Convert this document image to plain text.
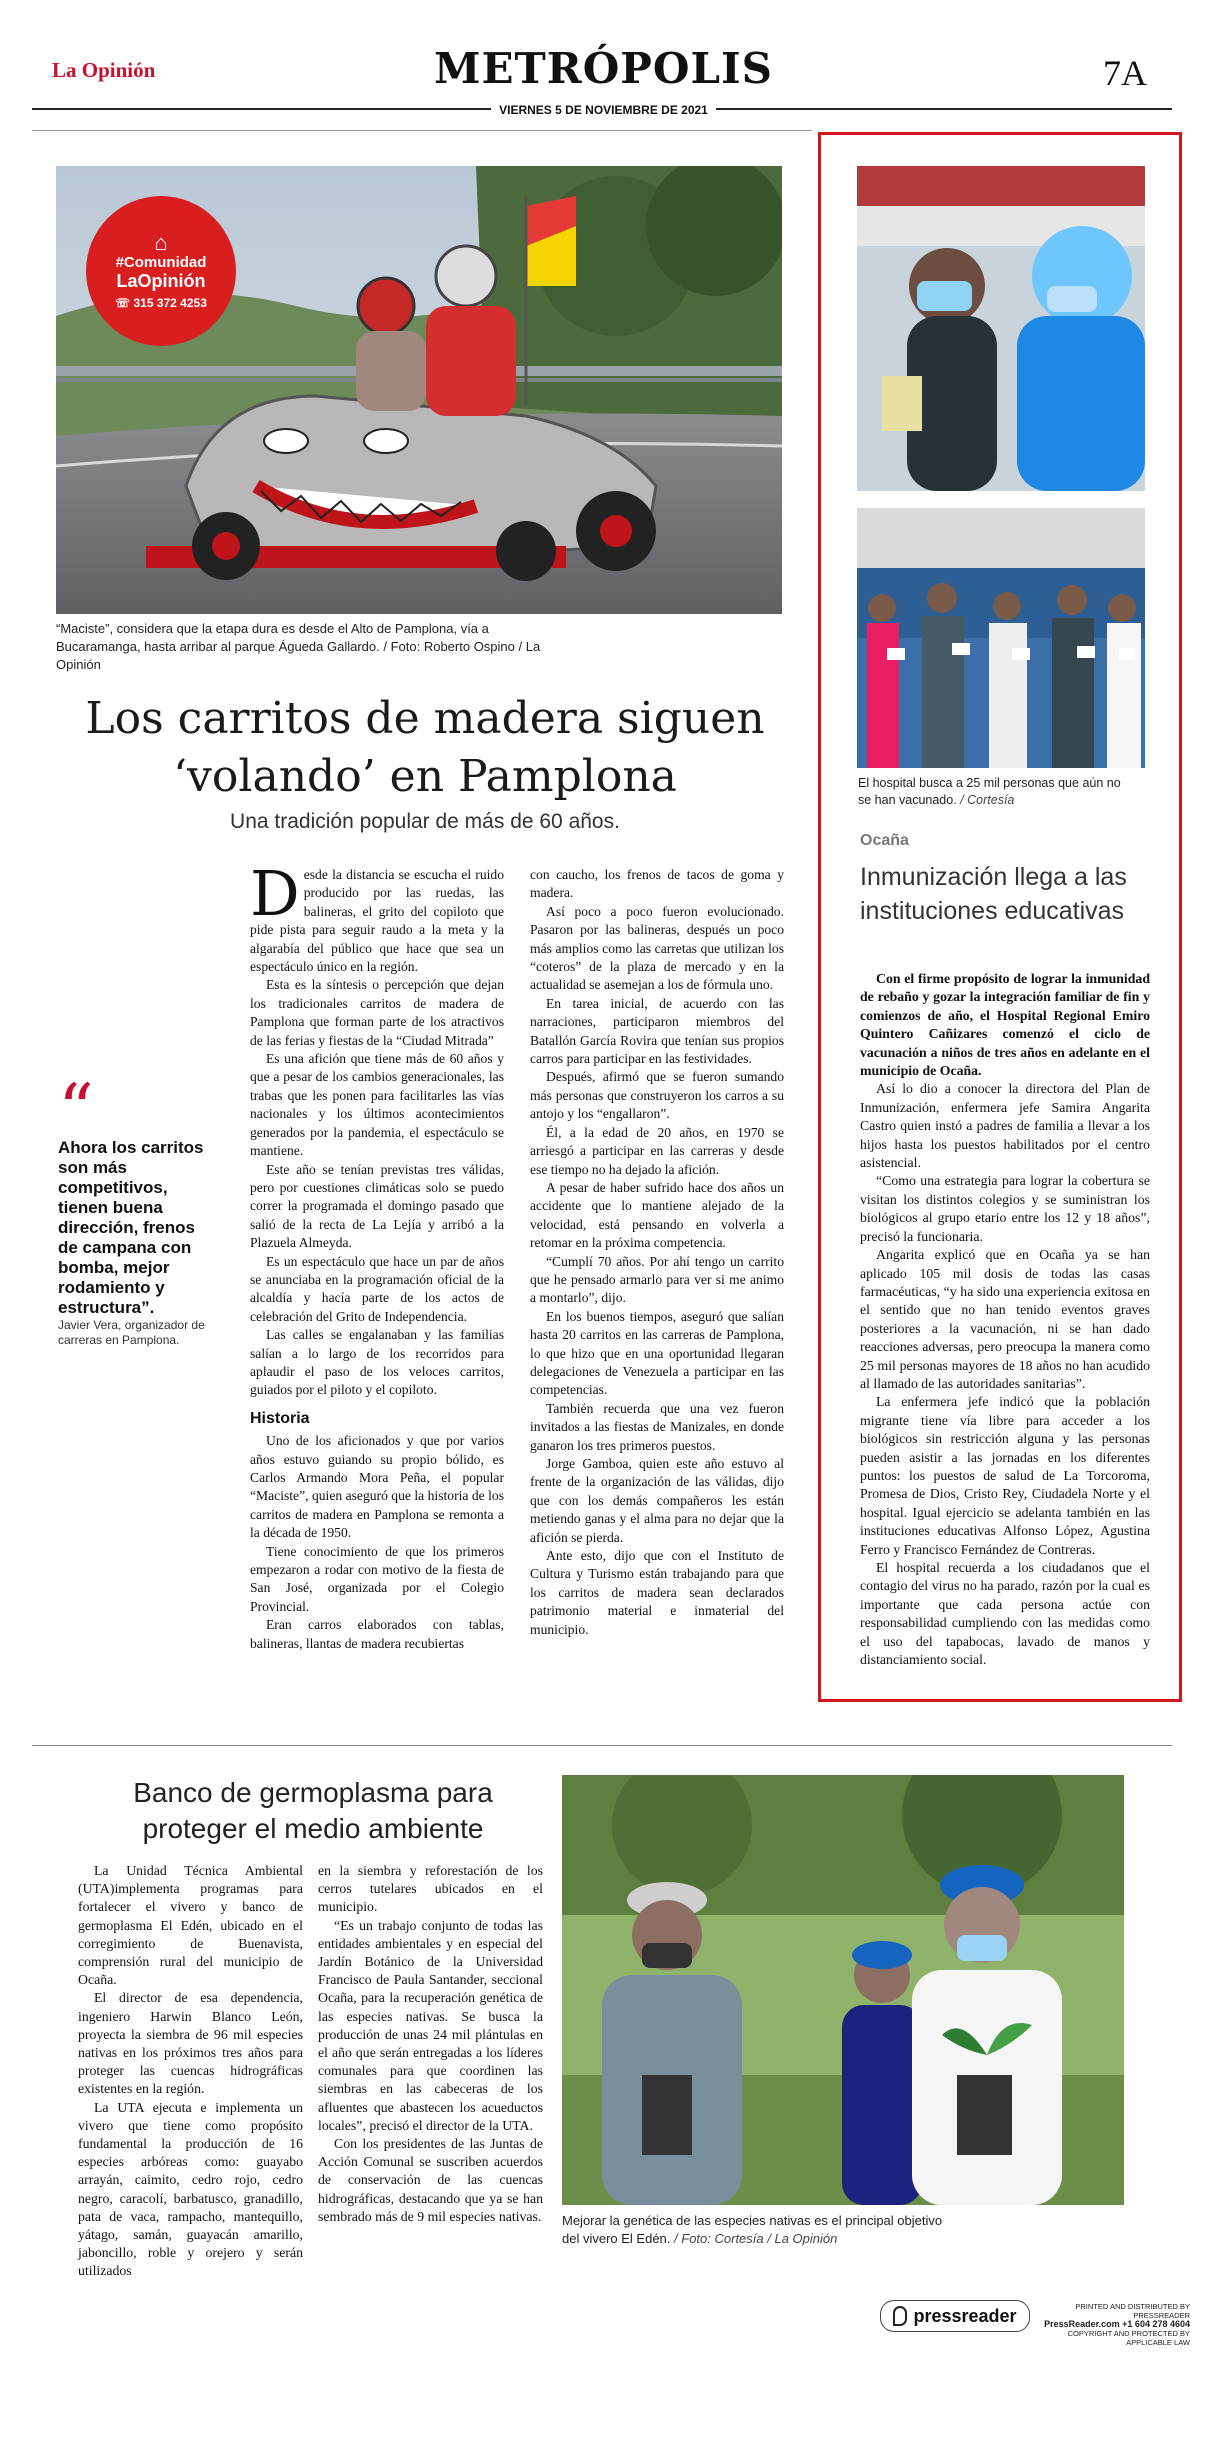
La Opinión	METRÓPOLIS	7A
VIERNES 5 DE NOVIEMBRE DE 2021
⌂
#Comunidad
LaOpinión
☏ 315 372 4253
“Maciste”, considera que la etapa dura es desde el Alto de Pamplona, vía a Bucaramanga, hasta arribar al parque Águeda Gallardo. / Foto: Roberto Ospino / La Opinión
Los carritos de madera siguen ‘volando’ en Pamplona
Una tradición popular de más de 60 años.
“
Ahora los carritos son más competitivos, tienen buena dirección, frenos de campana con bomba, mejor rodamiento y estructura”.
Javier Vera, organizador de carreras en Pamplona.

Desde la distancia se escucha el ruido producido por las ruedas, las balineras, el grito del copiloto que pide pista para seguir raudo a la meta y la algarabía del público que hace que sea un espectáculo único en la región.

Esta es la síntesis o percepción que dejan los tradicionales carritos de madera de Pamplona que forman parte de los atractivos de las ferias y fiestas de la “Ciudad Mitrada”

Es una afición que tiene más de 60 años y que a pesar de los cambios generacionales, las trabas que les ponen para facilitarles las vías nacionales y los últimos acontecimientos generados por la pandemia, el espectáculo se mantiene.

Este año se tenían previstas tres válidas, pero por cuestiones climáticas solo se puedo correr la programada el domingo pasado que salió de la recta de La Lejía y arribó a la Plazuela Almeyda.

Es un espectáculo que hace un par de años se anunciaba en la programación oficial de la alcaldía y hacía parte de los actos de celebración del Grito de Independencia.

Las calles se engalanaban y las familias salían a lo largo de los recorridos para aplaudir el paso de los veloces carritos, guiados por el piloto y el copiloto.

Historia

Uno de los aficionados y que por varios años estuvo guiando su propio bólido, es Carlos Armando Mora Peña, el popular “Maciste”, quien aseguró que la historia de los carritos de madera en Pamplona se remonta a la década de 1950.

Tiene conocimiento de que los primeros empezaron a rodar con motivo de la fiesta de San José, organizada por el Colegio Provincial.

Eran carros elaborados con tablas, balineras, llantas de madera recubiertas

con caucho, los frenos de tacos de goma y madera.

Así poco a poco fueron evolucionado. Pasaron por las balineras, después un poco más amplios como las carretas que utilizan los “coteros” de la plaza de mercado y en la actualidad se asemejan a los de fórmula uno.

En tarea inicial, de acuerdo con las narraciones, participaron miembros del Batallón García Rovira que tenían sus propios carros para participar en las festividades.

Después, afirmó que se fueron sumando más personas que construyeron los carros a su antojo y los “engallaron”.

Él, a la edad de 20 años, en 1970 se arriesgó a participar en las carreras y desde ese tiempo no ha dejado la afición.

A pesar de haber sufrido hace dos años un accidente que lo mantiene alejado de la velocidad, está pensando en volverla a retomar en la próxima competencia.

“Cumplí 70 años. Por ahí tengo un carrito que he pensado armarlo para ver si me animo a montarlo”, dijo.

En los buenos tiempos, aseguró que salían hasta 20 carritos en las carreras de Pamplona, lo que hizo que en una oportunidad llegaran delegaciones de Venezuela a participar en las competencias.

También recuerda que una vez fueron invitados a las fiestas de Manizales, en donde ganaron los tres primeros puestos.

Jorge Gamboa, quien este año estuvo al frente de la organización de las válidas, dijo que con los demás compañeros les están metiendo ganas y el alma para no dejar que la afición se pierda.

Ante esto, dijo que con el Instituto de Cultura y Turismo están trabajando para que los carritos de madera sean declarados patrimonio material e inmaterial del municipio.

El hospital busca a 25 mil personas que aún no se han vacunado. / Cortesía
Ocaña
Inmunización llega a las instituciones educativas

Con el firme propósito de lograr la inmunidad de rebaño y gozar la integración familiar de fin y comienzos de año, el Hospital Regional Emiro Quintero Cañizares comenzó el ciclo de vacunación a niños de tres años en adelante en el municipio de Ocaña.

Así lo dio a conocer la directora del Plan de Inmunización, enfermera jefe Samira Angarita Castro quien instó a padres de familia a llevar a los hijos hasta los puestos habilitados por el centro asistencial.

“Como una estrategia para lograr la cobertura se visitan los distintos colegios y se suministran los biológicos al grupo etario entre los 12 y 18 años”, precisó la funcionaria.

Angarita explicó que en Ocaña ya se han aplicado 105 mil dosis de todas las casas farmacéuticas, “y ha sido una experiencia exitosa en el sentido que no han tenido eventos graves posteriores a la vacunación, ni se han dado reacciones adversas, pero preocupa la manera como 25 mil personas mayores de 18 años no han acudido al llamado de las autoridades sanitarias”.

La enfermera jefe indicó que la población migrante tiene vía libre para acceder a los biológicos sin restricción alguna y las personas pueden asistir a las jornadas en los diferentes puntos: los puestos de salud de La Torcoroma, Promesa de Dios, Cristo Rey, Ciudadela Norte y el hospital. Igual ejercicio se adelanta también en las instituciones educativas Alfonso López, Agustina Ferro y Francisco Fernández de Contreras.

El hospital recuerda a los ciudadanos que el contagio del virus no ha parado, razón por la cual es importante que cada persona actúe con responsabilidad cumpliendo con las medidas como el uso del tapabocas, lavado de manos y distanciamiento social.

Banco de germoplasma para proteger el medio ambiente

La Unidad Técnica Ambiental (UTA)implementa programas para fortalecer el vivero y banco de germoplasma El Edén, ubicado en el corregimiento de Buenavista, comprensión rural del municipio de Ocaña.

El director de esa dependencia, ingeniero Harwin Blanco León, proyecta la siembra de 96 mil especies nativas en los próximos tres años para proteger las cuencas hidrográficas existentes en la región.

La UTA ejecuta e implementa un vivero que tiene como propósito fundamental la producción de 16 especies arbóreas como: guayabo arrayán, caimito, cedro rojo, cedro negro, caracolí, barbatusco, granadillo, pata de vaca, rampacho, mantequillo, yátago, samán, guayacán amarillo, jaboncillo, roble y orejero y serán utilizados

en la siembra y reforestación de los cerros tutelares ubicados en el municipio.

“Es un trabajo conjunto de todas las entidades ambientales y en especial del Jardín Botánico de la Universidad Francisco de Paula Santander, seccional Ocaña, para la recuperación genética de las especies nativas. Se busca la producción de unas 24 mil plántulas en el año que serán entregadas a los líderes comunales para que coordinen las siembras en las cabeceras de los afluentes que abastecen los acueductos locales”, precisó el director de la UTA.

Con los presidentes de las Juntas de Acción Comunal se suscriben acuerdos de conservación de las cuencas hidrográficas, destacando que ya se han sembrado más de 9 mil especies nativas. Mejorar la genética de las especies nativas es el principal objetivo del vivero El Edén. / Foto: Cortesía / La Opinión
pressreader	PRINTED AND DISTRIBUTED BY PRESSREADER
PressReader.com +1 604 278 4604
COPYRIGHT AND PROTECTED BY APPLICABLE LAW
